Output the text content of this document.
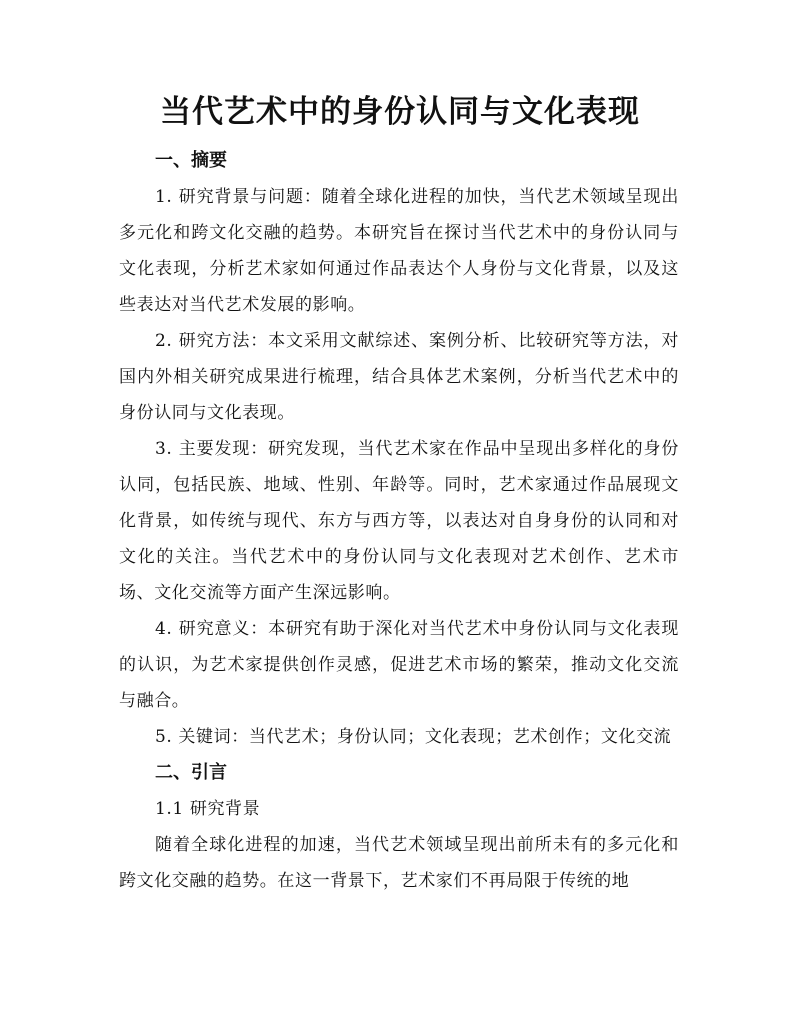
当代艺术中的身份认同与文化表现
一、摘要

1. 研究背景与问题：随着全球化进程的加快，当代艺术领域呈现出多元化和跨文化交融的趋势。本研究旨在探讨当代艺术中的身份认同与文化表现，分析艺术家如何通过作品表达个人身份与文化背景，以及这些表达对当代艺术发展的影响。

2. 研究方法：本文采用文献综述、案例分析、比较研究等方法，对国内外相关研究成果进行梳理，结合具体艺术案例，分析当代艺术中的身份认同与文化表现。

3. 主要发现：研究发现，当代艺术家在作品中呈现出多样化的身份认同，包括民族、地域、性别、年龄等。同时，艺术家通过作品展现文化背景，如传统与现代、东方与西方等，以表达对自身身份的认同和对文化的关注。当代艺术中的身份认同与文化表现对艺术创作、艺术市场、文化交流等方面产生深远影响。

4. 研究意义：本研究有助于深化对当代艺术中身份认同与文化表现的认识，为艺术家提供创作灵感，促进艺术市场的繁荣，推动文化交流与融合。

5. 关键词：当代艺术；身份认同；文化表现；艺术创作；文化交流

二、引言

1.1 研究背景

随着全球化进程的加速，当代艺术领域呈现出前所未有的多元化和跨文化交融的趋势。在这一背景下，艺术家们不再局限于传统的地
